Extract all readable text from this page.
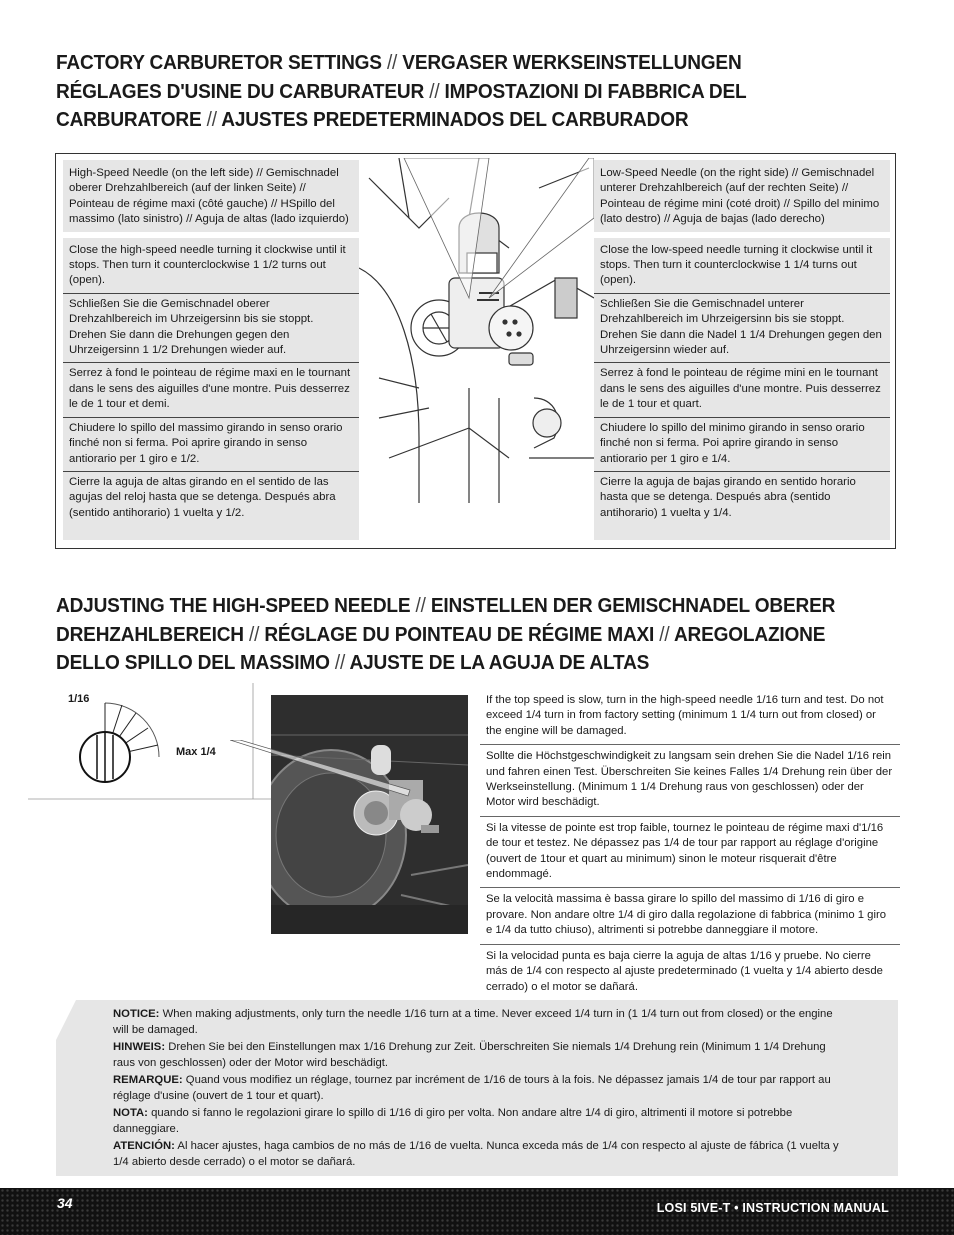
FACTORY CARBURETOR SETTINGS // VERGASER WERKSEINSTELLUNGEN
RÉGLAGES D'USINE DU CARBURATEUR // IMPOSTAZIONI DI FABBRICA DEL CARBURATORE // AJUSTES PREDETERMINADOS DEL CARBURADOR

High-Speed Needle (on the left side) // Gemischnadel oberer Drehzahlbereich (auf der linken Seite) // Pointeau de régime maxi (côté gauche) // HSpillo del massimo (lato sinistro) // Aguja de altas (lado izquierdo)

Close the high-speed needle turning it clockwise until it stops. Then turn it counterclockwise 1 1/2 turns out (open).

Schließen Sie die Gemischnadel oberer Drehzahlbereich im Uhrzeigersinn bis sie stoppt. Drehen Sie dann die Drehungen gegen den Uhrzeigersinn 1 1/2 Drehungen wieder auf.

Serrez à fond le pointeau de régime maxi en le tournant dans le sens des aiguilles d'une montre. Puis desserrez le de 1 tour et demi.

Chiudere lo spillo del massimo girando in senso orario finché non si ferma. Poi aprire girando in senso antiorario per 1 giro e 1/2.

Cierre la aguja de altas girando en el sentido de las agujas del reloj hasta que se detenga. Después abra (sentido antihorario) 1 vuelta y 1/2.

Low-Speed Needle (on the right side) // Gemischnadel unterer Drehzahlbereich (auf der rechten Seite) // Pointeau de régime mini (coté droit) // Spillo del minimo (lato destro) // Aguja de bajas (lado derecho)

Close the low-speed needle turning it clockwise until it stops. Then turn it counterclockwise 1 1/4 turns out (open).

Schließen Sie die Gemischnadel unterer Drehzahlbereich im Uhrzeigersinn bis sie stoppt. Drehen Sie dann die Nadel 1 1/4 Drehungen gegen den Uhrzeigersinn wieder auf.

Serrez à fond le pointeau de régime mini en le tournant dans le sens des aiguilles d'une montre. Puis desserrez le de 1 tour et quart.

Chiudere lo spillo del minimo girando in senso orario finché non si ferma. Poi aprire girando in senso antiorario per 1 giro e 1/4.

Cierre la aguja de bajas girando en sentido horario hasta que se detenga. Después abra (sentido antihorario) 1 vuelta y 1/4.

ADJUSTING THE HIGH-SPEED NEEDLE // EINSTELLEN DER GEMISCHNADEL OBERER DREHZAHLBEREICH // RÉGLAGE DU POINTEAU DE RÉGIME MAXI // AREGOLAZIONE DELLO SPILLO DEL MASSIMO // AJUSTE DE LA AGUJA DE ALTAS
1/16
Max 1/4

If the top speed is slow, turn in the high-speed needle 1/16 turn and test. Do not exceed 1/4 turn in from factory setting (minimum 1 1/4 turn out from closed) or the engine will be damaged.

Sollte die Höchstgeschwindigkeit zu langsam sein drehen Sie die Nadel 1/16 rein und fahren einen Test. Überschreiten Sie keines Falles 1/4 Drehung rein über der Werkseinstellung. (Minimum 1 1/4 Drehung raus von geschlossen) oder der Motor wird beschädigt.

Si la vitesse de pointe est trop faible, tournez le pointeau de régime maxi d'1/16 de tour et testez. Ne dépassez pas 1/4 de tour par rapport au réglage d'origine (ouvert de 1tour et quart au minimum) sinon le moteur risquerait d'être endommagé.

Se la velocità massima è bassa girare lo spillo del massimo di 1/16 di giro e provare. Non andare oltre 1/4 di giro dalla regolazione di fabbrica (minimo 1 giro e 1/4 da tutto chiuso), altrimenti si potrebbe danneggiare il motore.

Si la velocidad punta es baja cierre la aguja de altas 1/16 y pruebe. No cierre más de 1/4 con respecto al ajuste predeterminado (1 vuelta y 1/4 abierto desde cerrado) o el motor se dañará.

NOTICE: When making adjustments, only turn the needle 1/16 turn at a time. Never exceed 1/4 turn in (1 1/4 turn out from closed) or the engine will be damaged.

HINWEIS: Drehen Sie bei den Einstellungen max 1/16 Drehung zur Zeit. Überschreiten Sie niemals 1/4 Drehung rein (Minimum 1 1/4 Drehung raus von geschlossen) oder der Motor wird beschädigt.

REMARQUE: Quand vous modifiez un réglage, tournez par incrément de 1/16 de tours à la fois. Ne dépassez jamais 1/4 de tour par rapport au réglage d'usine (ouvert de 1 tour et quart).

NOTA: quando si fanno le regolazioni girare lo spillo di 1/16 di giro per volta. Non andare altre 1/4 di giro, altrimenti il motore si potrebbe danneggiare.

ATENCIÓN: Al hacer ajustes, haga cambios de no más de 1/16 de vuelta. Nunca exceda más de 1/4 con respecto al ajuste de fábrica (1 vuelta y 1/4 abierto desde cerrado) o el motor se dañará.

34	LOSI 5IVE-T • INSTRUCTION MANUAL
